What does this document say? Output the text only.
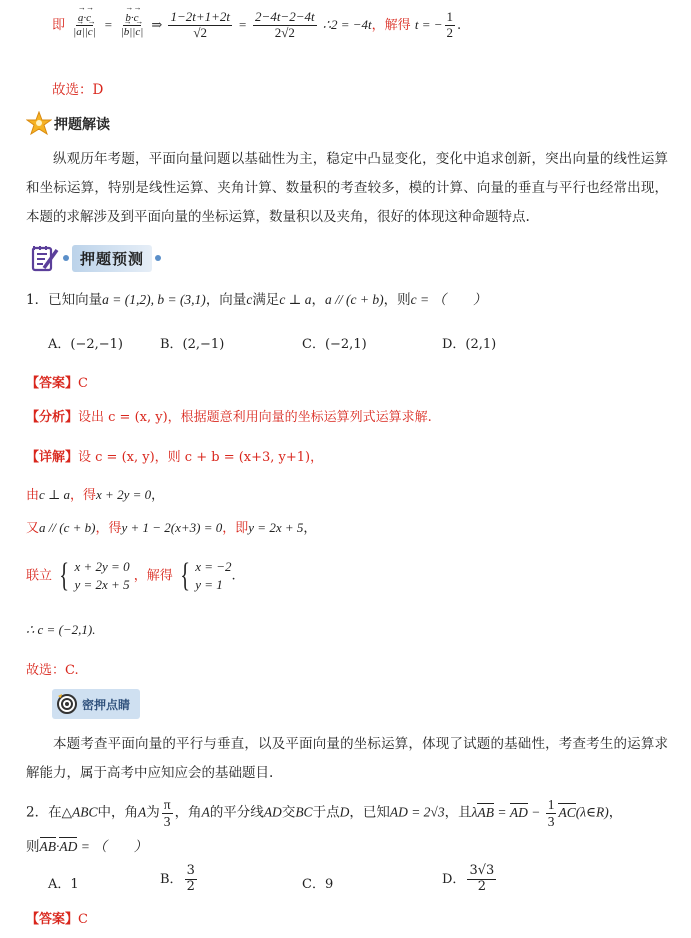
即 → $\frac{a\cdot\to c}{|\to a||\to c|}$ = → $\frac{b\cdot\to c}{|\to b||\to c|}$ ⇒ $\frac{1-2t+1+2t}{√2} = \frac{2-4t-2-4t}{2√2}$ ∴2 = −4t，解得 t = − $\frac{1}{2}$ .
故选：D
押题解读
纵观历年考题，平面向量问题以基础性为主，稳定中凸显变化，变化中追求创新，突出向量的线性运算和坐标运算，特别是线性运算、夹角计算、数量积的考查较多，模的计算、向量的垂直与平行也经常出现，本题的求解涉及到平面向量的坐标运算，数量积以及夹角，很好的体现这种命题特点.
押题预测
1．已知向量a = (1,2), b = (3,1)，向量c满足c ⊥ a，a // (c + b)，则c = （　　）
A．(−2,−1)	B．(2,−1)	C．(−2,1)	D．(2,1)
【答案】C
【分析】设出 c = (x, y)，根据题意利用向量的坐标运算列式运算求解.
【详解】设 c = (x, y)，则 c + b = (x+3, y+1)，
由c ⊥ a，得x + 2y = 0，
又a // (c + b)，得y + 1 − 2(x+3) = 0，即y = 2x + 5，
联立 { x + 2y = 0
y = 2x + 5
，解得 { x = −2
y = 1
.
∴ c = (−2,1).
故选：C.
密押点睛
本题考查平面向量的平行与垂直，以及平面向量的坐标运算，体现了试题的基础性，考查考生的运算求解能力，属于高考中应知应会的基础题目.
2．在△ABC中，角A为 $\frac{\pi}{3}$ ，角A的平分线AD交BC于点D，已知AD = 2√3，且λAB = AD − $\frac{1}{3}$ AC(λ∈R)，
则AB·AD = （　　）
A．1	B． $\frac{3}{2}$	C．9	D． $\frac{3√3}{2}$
【答案】C
